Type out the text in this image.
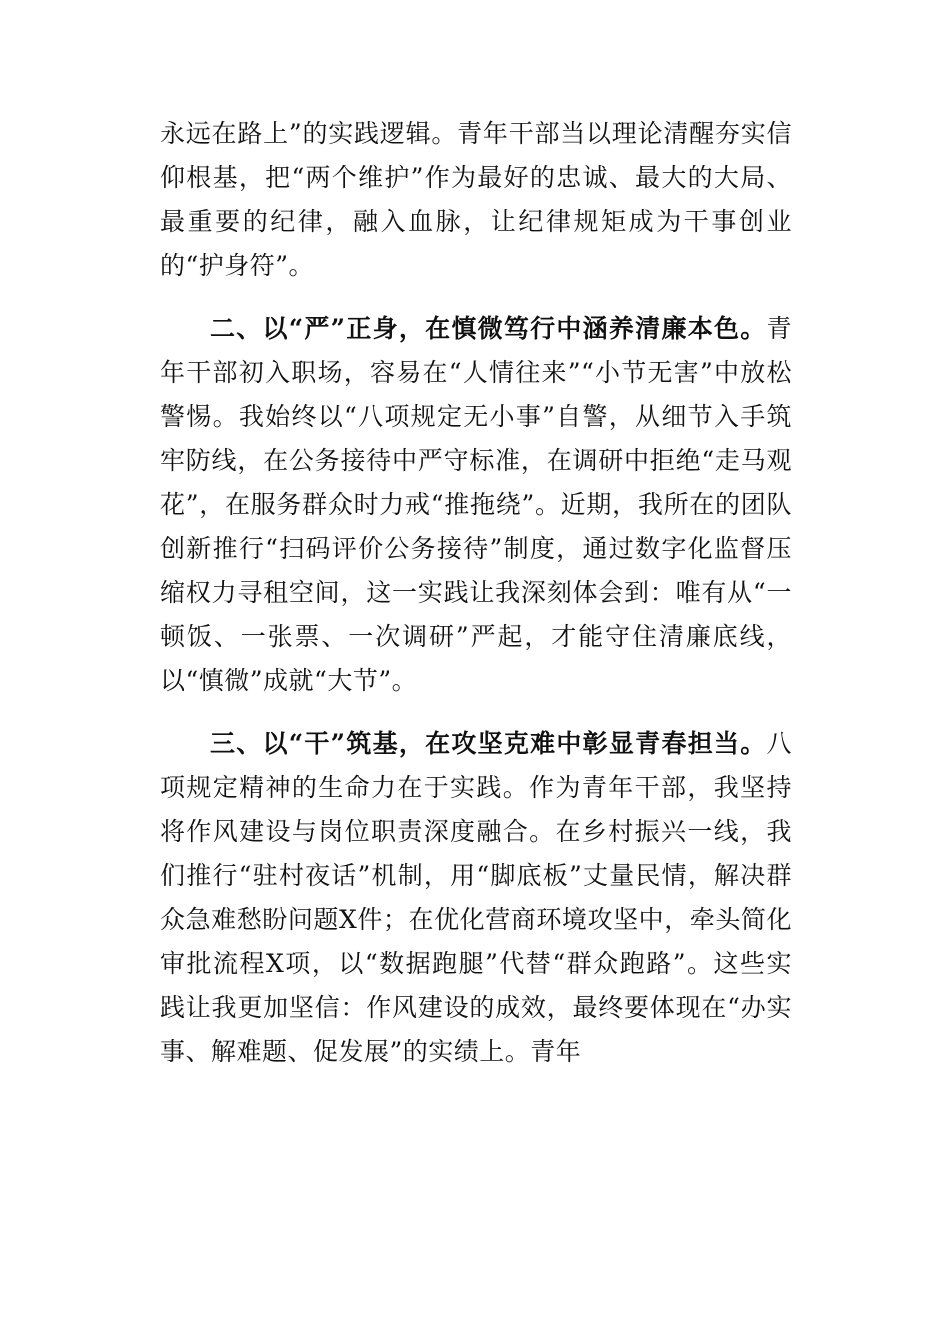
永远在路上”的实践逻辑。青年干部当以理论清醒夯实信仰根基，把“两个维护”作为最好的忠诚、最大的大局、最重要的纪律，融入血脉，让纪律规矩成为干事创业的“护身符”。

二、以“严”正身，在慎微笃行中涵养清廉本色。青年干部初入职场，容易在“人情往来”“小节无害”中放松警惕。我始终以“八项规定无小事”自警，从细节入手筑牢防线，在公务接待中严守标准，在调研中拒绝“走马观花”，在服务群众时力戒“推拖绕”。近期，我所在的团队创新推行“扫码评价公务接待”制度，通过数字化监督压缩权力寻租空间，这一实践让我深刻体会到：唯有从“一顿饭、一张票、一次调研”严起，才能守住清廉底线，以“慎微”成就“大节”。

三、以“干”筑基，在攻坚克难中彰显青春担当。八项规定精神的生命力在于实践。作为青年干部，我坚持将作风建设与岗位职责深度融合。在乡村振兴一线，我们推行“驻村夜话”机制，用“脚底板”丈量民情，解决群众急难愁盼问题X件；在优化营商环境攻坚中，牵头简化审批流程X项，以“数据跑腿”代替“群众跑路”。这些实践让我更加坚信：作风建设的成效，最终要体现在“办实事、解难题、促发展”的实绩上。青年
